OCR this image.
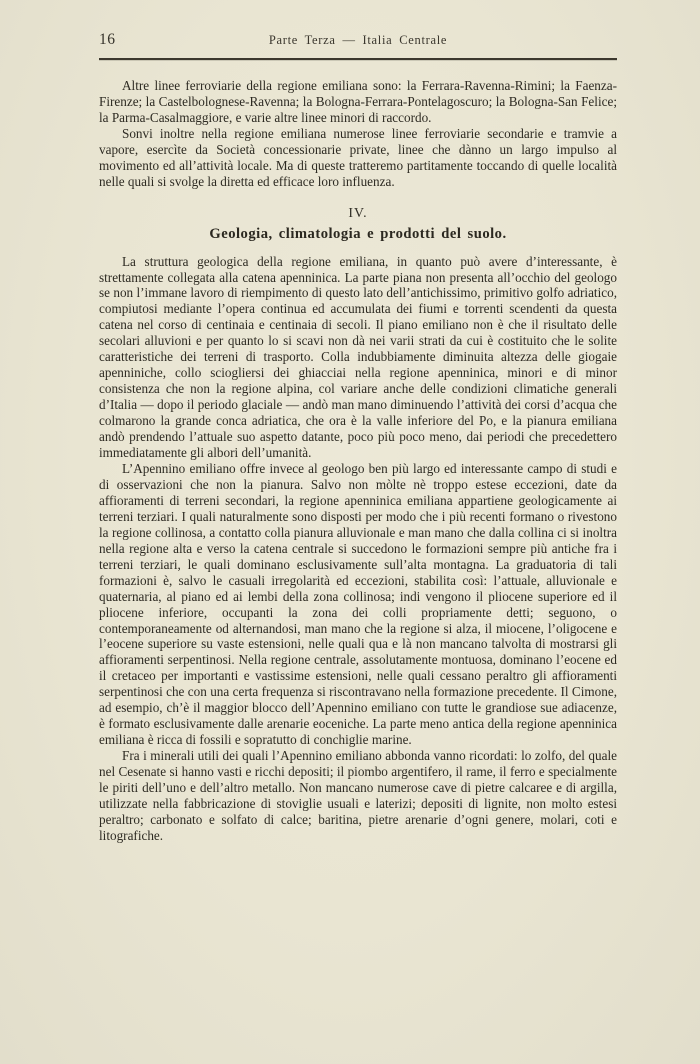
16	Parte Terza — Italia Centrale

Altre linee ferroviarie della regione emiliana sono: la Ferrara-Ravenna-Rimini; la Faenza-Firenze; la Castelbolognese-Ravenna; la Bologna-Ferrara-Pontelagoscuro; la Bologna-San Felice; la Parma-Casalmaggiore, e varie altre linee minori di raccordo.

Sonvi inoltre nella regione emiliana numerose linee ferroviarie secondarie e tramvie a vapore, esercìte da Società concessionarie private, linee che dànno un largo impulso al movimento ed all’attività locale. Ma di queste tratteremo partitamente toccando di quelle località nelle quali si svolge la diretta ed efficace loro influenza.

IV.
Geologia, climatologia e prodotti del suolo.

La struttura geologica della regione emiliana, in quanto può avere d’interessante, è strettamente collegata alla catena apenninica. La parte piana non presenta all’occhio del geologo se non l’immane lavoro di riempimento di questo lato dell’antichissimo, primitivo golfo adriatico, compiutosi mediante l’opera continua ed accumulata dei fiumi e torrenti scendenti da questa catena nel corso di centinaia e centinaia di secoli. Il piano emiliano non è che il risultato delle secolari alluvioni e per quanto lo si scavi non dà nei varii strati da cui è costituito che le solite caratteristiche dei terreni di trasporto. Colla indubbiamente diminuita altezza delle giogaie apenniniche, collo sciogliersi dei ghiacciai nella regione apenninica, minori e di minor consistenza che non la regione alpina, col variare anche delle condizioni climatiche generali d’Italia — dopo il periodo glaciale — andò man mano diminuendo l’attività dei corsi d’acqua che colmarono la grande conca adriatica, che ora è la valle inferiore del Po, e la pianura emiliana andò prendendo l’attuale suo aspetto datante, poco più poco meno, dai periodi che precedettero immediatamente gli albori dell’umanità.

L’Apennino emiliano offre invece al geologo ben più largo ed interessante campo di studi e di osservazioni che non la pianura. Salvo non mòlte nè troppo estese eccezioni, date da affioramenti di terreni secondari, la regione apenninica emiliana appartiene geologicamente ai terreni terziari. I quali naturalmente sono disposti per modo che i più recenti formano o rivestono la regione collinosa, a contatto colla pianura alluvionale e man mano che dalla collina ci si inoltra nella regione alta e verso la catena centrale si succedono le formazioni sempre più antiche fra i terreni terziari, le quali dominano esclusivamente sull’alta montagna. La graduatoria di tali formazioni è, salvo le casuali irregolarità ed eccezioni, stabilita così: l’attuale, alluvionale e quaternaria, al piano ed ai lembi della zona collinosa; indi vengono il pliocene superiore ed il pliocene inferiore, occupanti la zona dei colli propriamente detti; seguono, o contemporaneamente od alternandosi, man mano che la regione si alza, il miocene, l’oligocene e l’eocene superiore su vaste estensioni, nelle quali qua e là non mancano talvolta di mostrarsi gli affioramenti serpentinosi. Nella regione centrale, assolutamente montuosa, dominano l’eocene ed il cretaceo per importanti e vastissime estensioni, nelle quali cessano peraltro gli affioramenti serpentinosi che con una certa frequenza si riscontravano nella formazione precedente. Il Cimone, ad esempio, ch’è il maggior blocco dell’Apennino emiliano con tutte le grandiose sue adiacenze, è formato esclusivamente dalle arenarie eoceniche. La parte meno antica della regione apenninica emiliana è ricca di fossili e sopratutto di conchiglie marine.

Fra i minerali utili dei quali l’Apennino emiliano abbonda vanno ricordati: lo zolfo, del quale nel Cesenate si hanno vasti e ricchi depositi; il piombo argentifero, il rame, il ferro e specialmente le piriti dell’uno e dell’altro metallo. Non mancano numerose cave di pietre calcaree e di argilla, utilizzate nella fabbricazione di stoviglie usuali e laterizi; depositi di lignite, non molto estesi peraltro; carbonato e solfato di calce; baritina, pietre arenarie d’ogni genere, molari, coti e litografiche.
